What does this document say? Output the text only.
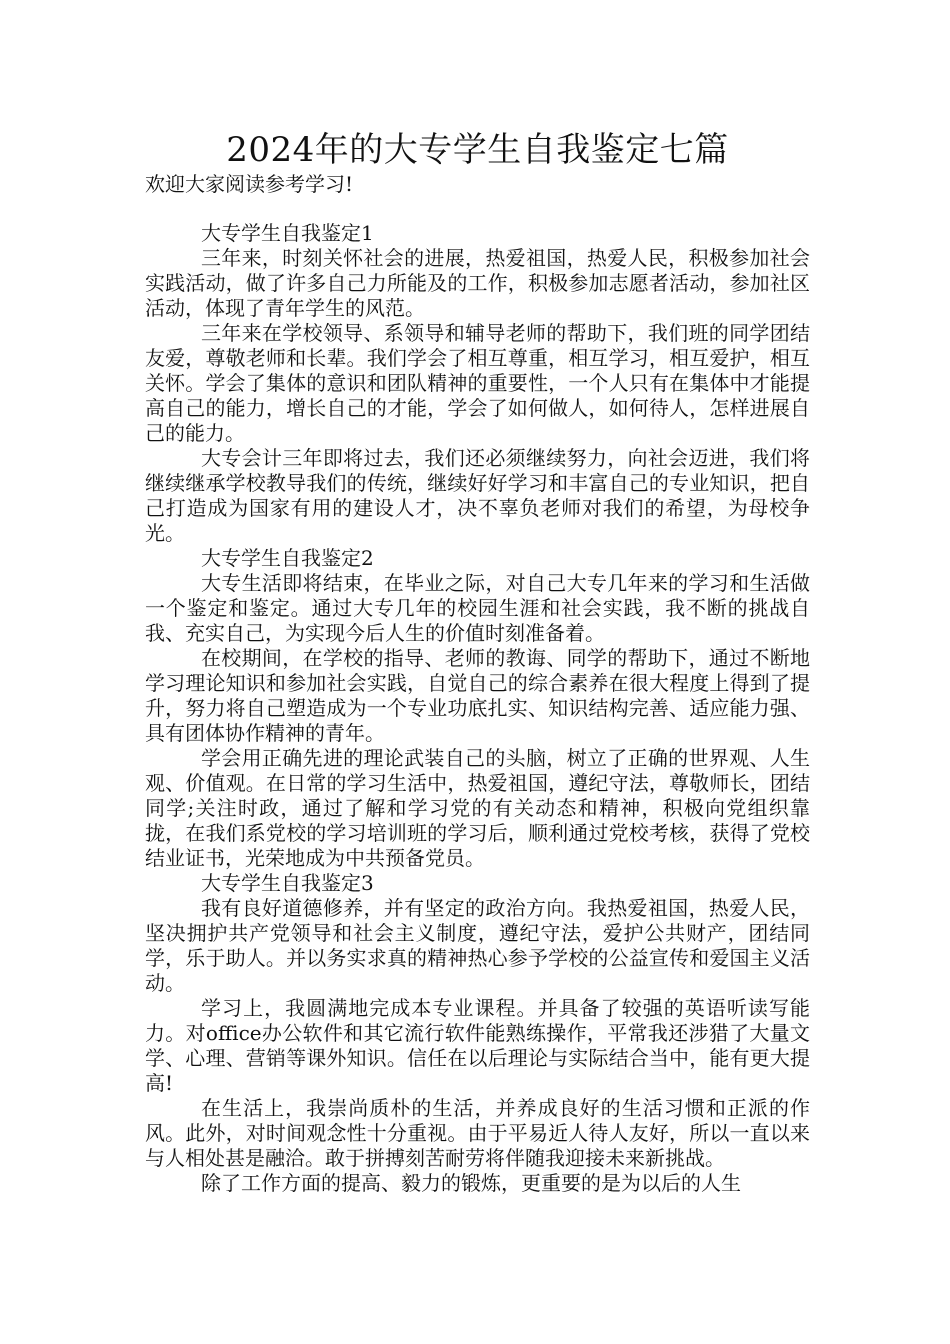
2024年的大专学生自我鉴定七篇

欢迎大家阅读参考学习!

大专学生自我鉴定1

三年来，时刻关怀社会的进展，热爱祖国，热爱人民，积极参加社会实践活动，做了许多自己力所能及的工作，积极参加志愿者活动，参加社区活动，体现了青年学生的风范。

三年来在学校领导、系领导和辅导老师的帮助下，我们班的同学团结友爱，尊敬老师和长辈。我们学会了相互尊重，相互学习，相互爱护，相互关怀。学会了集体的意识和团队精神的重要性，一个人只有在集体中才能提高自己的能力，增长自己的才能，学会了如何做人，如何待人，怎样进展自己的能力。

大专会计三年即将过去，我们还必须继续努力，向社会迈进，我们将继续继承学校教导我们的传统，继续好好学习和丰富自己的专业知识，把自己打造成为国家有用的建设人才，决不辜负老师对我们的希望，为母校争光。

大专学生自我鉴定2

大专生活即将结束，在毕业之际，对自己大专几年来的学习和生活做一个鉴定和鉴定。通过大专几年的校园生涯和社会实践，我不断的挑战自我、充实自己，为实现今后人生的价值时刻准备着。

在校期间，在学校的指导、老师的教诲、同学的帮助下，通过不断地学习理论知识和参加社会实践，自觉自己的综合素养在很大程度上得到了提升，努力将自己塑造成为一个专业功底扎实、知识结构完善、适应能力强、具有团体协作精神的青年。

学会用正确先进的理论武装自己的头脑，树立了正确的世界观、人生观、价值观。在日常的学习生活中，热爱祖国，遵纪守法，尊敬师长，团结同学;关注时政，通过了解和学习党的有关动态和精神，积极向党组织靠拢，在我们系党校的学习培训班的学习后，顺利通过党校考核，获得了党校结业证书，光荣地成为中共预备党员。

大专学生自我鉴定3

我有良好道德修养，并有坚定的政治方向。我热爱祖国，热爱人民，坚决拥护共产党领导和社会主义制度，遵纪守法，爱护公共财产，团结同学，乐于助人。并以务实求真的精神热心参予学校的公益宣传和爱国主义活动。

学习上，我圆满地完成本专业课程。并具备了较强的英语听读写能力。对office办公软件和其它流行软件能熟练操作，平常我还涉猎了大量文学、心理、营销等课外知识。信任在以后理论与实际结合当中，能有更大提高!

在生活上，我崇尚质朴的生活，并养成良好的生活习惯和正派的作风。此外，对时间观念性十分重视。由于平易近人待人友好，所以一直以来与人相处甚是融洽。敢于拼搏刻苦耐劳将伴随我迎接未来新挑战。

除了工作方面的提高、毅力的锻炼，更重要的是为以后的人生
